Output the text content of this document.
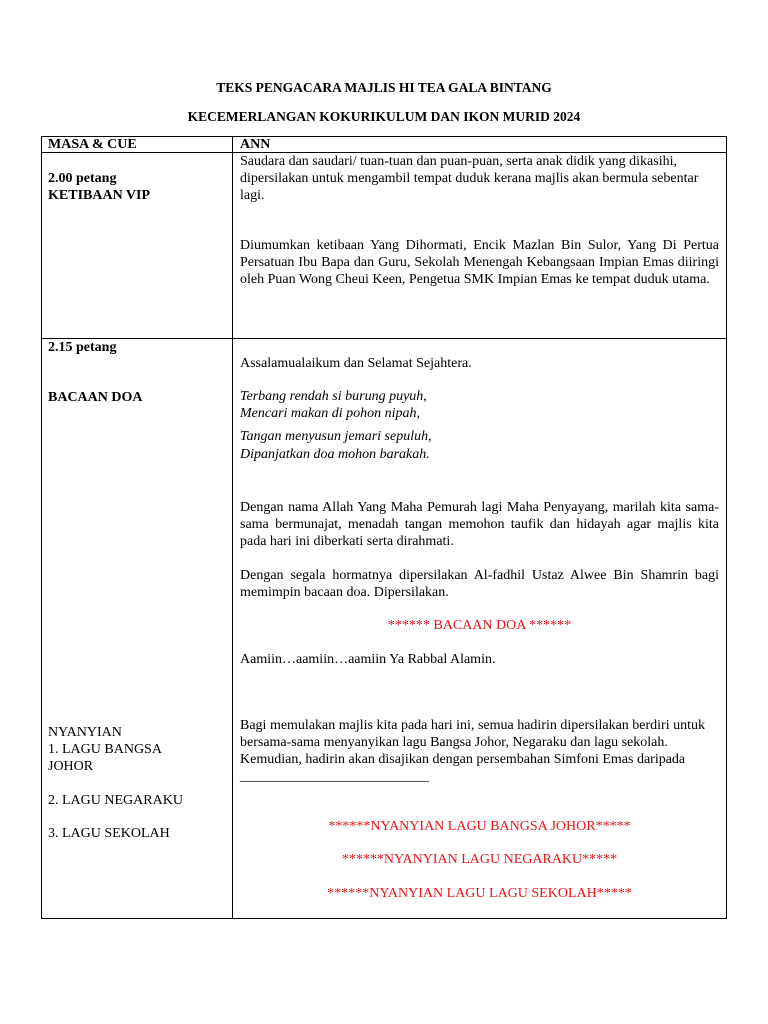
TEKS PENGACARA MAJLIS HI TEA GALA BINTANG
KECEMERLANGAN KOKURIKULUM DAN IKON MURID 2024

MASA & CUE	ANN

2.00 petang

KETIBAAN VIP

Saudara dan saudari/ tuan-tuan dan puan-puan, serta anak didik yang dikasihi, dipersilakan untuk mengambil tempat duduk kerana majlis akan bermula sebentar lagi.

Diumumkan ketibaan Yang Dihormati, Encik Mazlan Bin Sulor, Yang Di Pertua Persatuan Ibu Bapa dan Guru, Sekolah Menengah Kebangsaan Impian Emas diiringi oleh Puan Wong Cheui Keen, Pengetua SMK Impian Emas ke tempat duduk utama.

2.15 petang

BACAAN DOA

NYANYIAN

1. LAGU BANGSA

JOHOR

2. LAGU NEGARAKU

3. LAGU SEKOLAH

Assalamualaikum dan Selamat Sejahtera.

Terbang rendah si burung puyuh,

Mencari makan di pohon nipah,

Tangan menyusun jemari sepuluh,

Dipanjatkan doa mohon barakah.

Dengan nama Allah Yang Maha Pemurah lagi Maha Penyayang, marilah kita sama-sama bermunajat, menadah tangan memohon taufik dan hidayah agar majlis kita pada hari ini diberkati serta dirahmati.

Dengan segala hormatnya dipersilakan Al-fadhil Ustaz Alwee Bin Shamrin bagi memimpin bacaan doa. Dipersilakan.

****** BACAAN DOA ******

Aamiin…aamiin…aamiin Ya Rabbal Alamin.

Bagi memulakan majlis kita pada hari ini, semua hadirin dipersilakan berdiri untuk bersama-sama menyanyikan lagu Bangsa Johor, Negaraku dan lagu sekolah. Kemudian, hadirin akan disajikan dengan persembahan Simfoni Emas daripada ___________________________

******NYANYIAN LAGU BANGSA JOHOR*****

******NYANYIAN LAGU NEGARAKU*****

******NYANYIAN LAGU LAGU SEKOLAH*****
